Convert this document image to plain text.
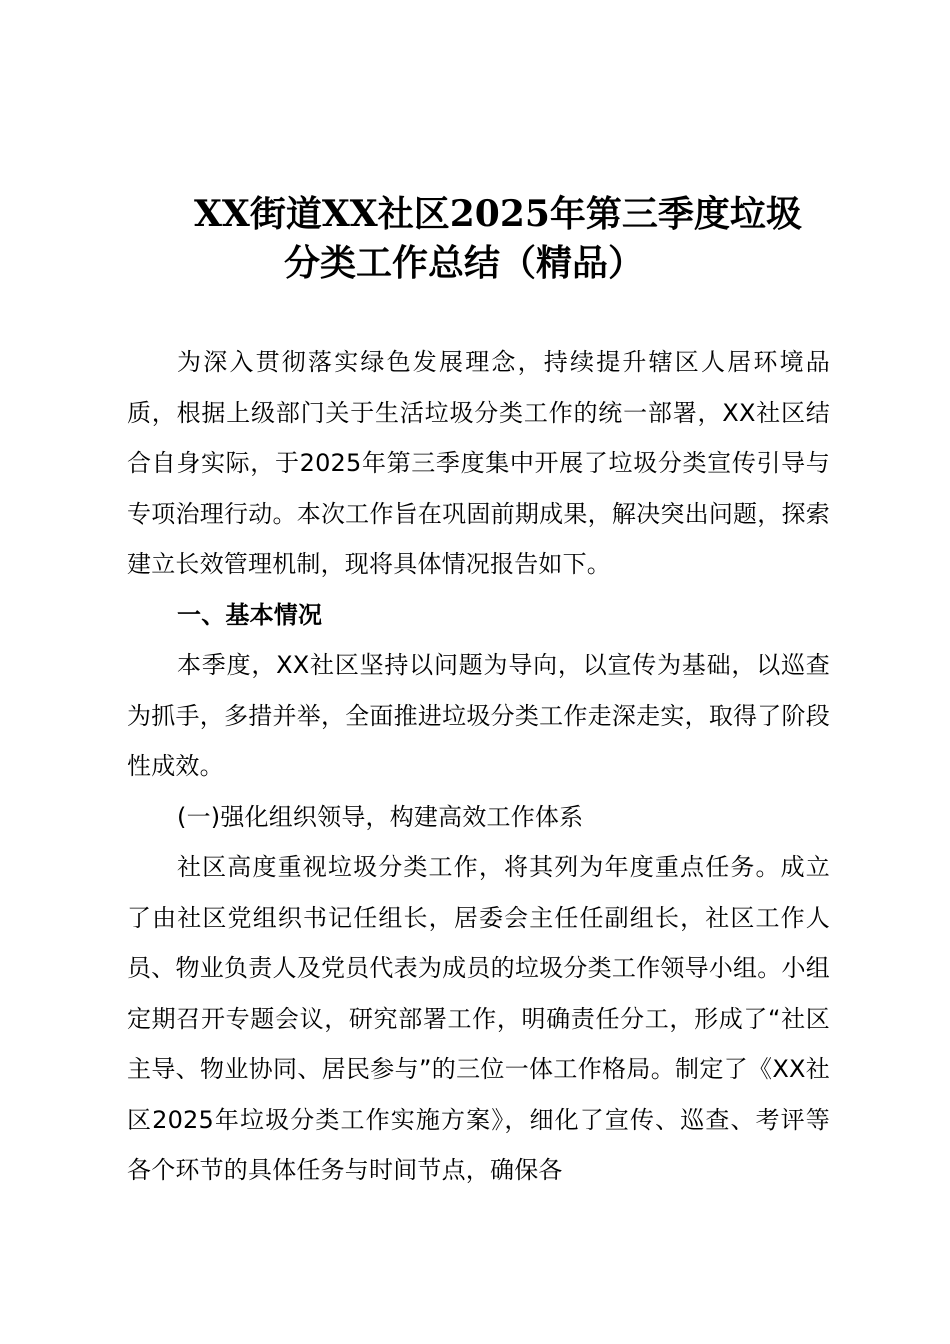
XX街道XX社区2025年第三季度垃圾
分类工作总结（精品）

为深入贯彻落实绿色发展理念，持续提升辖区人居环境品质，根据上级部门关于生活垃圾分类工作的统一部署，XX社区结合自身实际，于2025年第三季度集中开展了垃圾分类宣传引导与专项治理行动。本次工作旨在巩固前期成果，解决突出问题，探索建立长效管理机制，现将具体情况报告如下。

一、基本情况

本季度，XX社区坚持以问题为导向，以宣传为基础，以巡查为抓手，多措并举，全面推进垃圾分类工作走深走实，取得了阶段性成效。

(一)强化组织领导，构建高效工作体系

社区高度重视垃圾分类工作，将其列为年度重点任务。成立了由社区党组织书记任组长，居委会主任任副组长，社区工作人员、物业负责人及党员代表为成员的垃圾分类工作领导小组。小组定期召开专题会议，研究部署工作，明确责任分工，形成了“社区主导、物业协同、居民参与”的三位一体工作格局。制定了《XX社区2025年垃圾分类工作实施方案》，细化了宣传、巡查、考评等各个环节的具体任务与时间节点，确保各
